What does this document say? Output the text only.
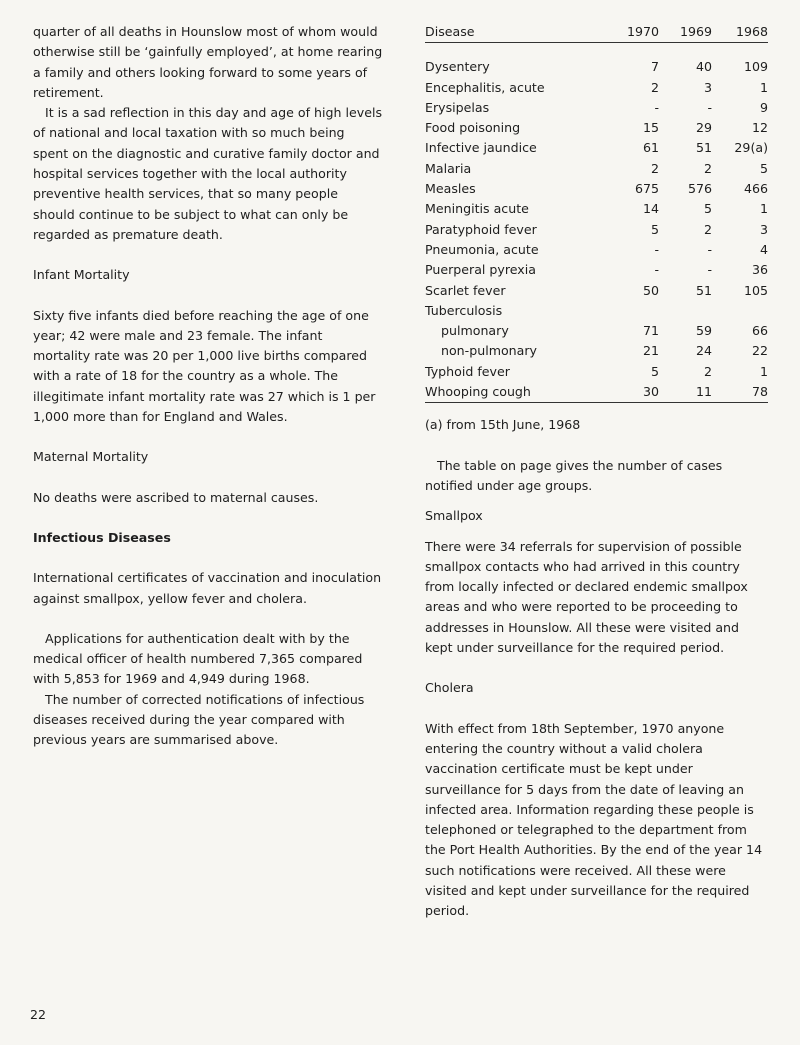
quarter of all deaths in Hounslow most of whom would otherwise still be ‘gainfully employed’, at home rearing a family and others looking forward to some years of retirement.

It is a sad reflection in this day and age of high levels of national and local taxation with so much being spent on the diagnostic and curative family doctor and hospital services together with the local authority preventive health services, that so many people should continue to be subject to what can only be regarded as premature death.

Infant Mortality

Sixty five infants died before reaching the age of one year; 42 were male and 23 female. The infant mortality rate was 20 per 1,000 live births compared with a rate of 18 for the country as a whole. The illegitimate infant mortality rate was 27 which is 1 per 1,000 more than for England and Wales.

Maternal Mortality

No deaths were ascribed to maternal causes.

Infectious Diseases

International certificates of vaccination and inoculation against smallpox, yellow fever and cholera.

Applications for authentication dealt with by the medical officer of health numbered 7,365 compared with 5,853 for 1969 and 4,949 during 1968.

The number of corrected notifications of infectious diseases received during the year compared with previous years are summarised above.

Disease	1970	1969	1968

Dysentery	7	40	109
Encephalitis, acute	2	3	1
Erysipelas	-	-	9
Food poisoning	15	29	12
Infective jaundice	61	51	29(a)
Malaria	2	2	5
Measles	675	576	466
Meningitis acute	14	5	1
Paratyphoid fever	5	2	3
Pneumonia, acute	-	-	4
Puerperal pyrexia	-	-	36
Scarlet fever	50	51	105
Tuberculosis			
pulmonary	71	59	66
non-pulmonary	21	24	22
Typhoid fever	5	2	1
Whooping cough	30	11	78

(a) from 15th June, 1968

The table on page gives the number of cases notified under age groups.

Smallpox

There were 34 referrals for supervision of possible smallpox contacts who had arrived in this country from locally infected or declared endemic smallpox areas and who were reported to be proceeding to addresses in Hounslow. All these were visited and kept under surveillance for the required period.

Cholera

With effect from 18th September, 1970 anyone entering the country without a valid cholera vaccination certificate must be kept under surveillance for 5 days from the date of leaving an infected area. Information regarding these people is telephoned or telegraphed to the department from the Port Health Authorities. By the end of the year 14 such notifications were received. All these were visited and kept under surveillance for the required period.

22
